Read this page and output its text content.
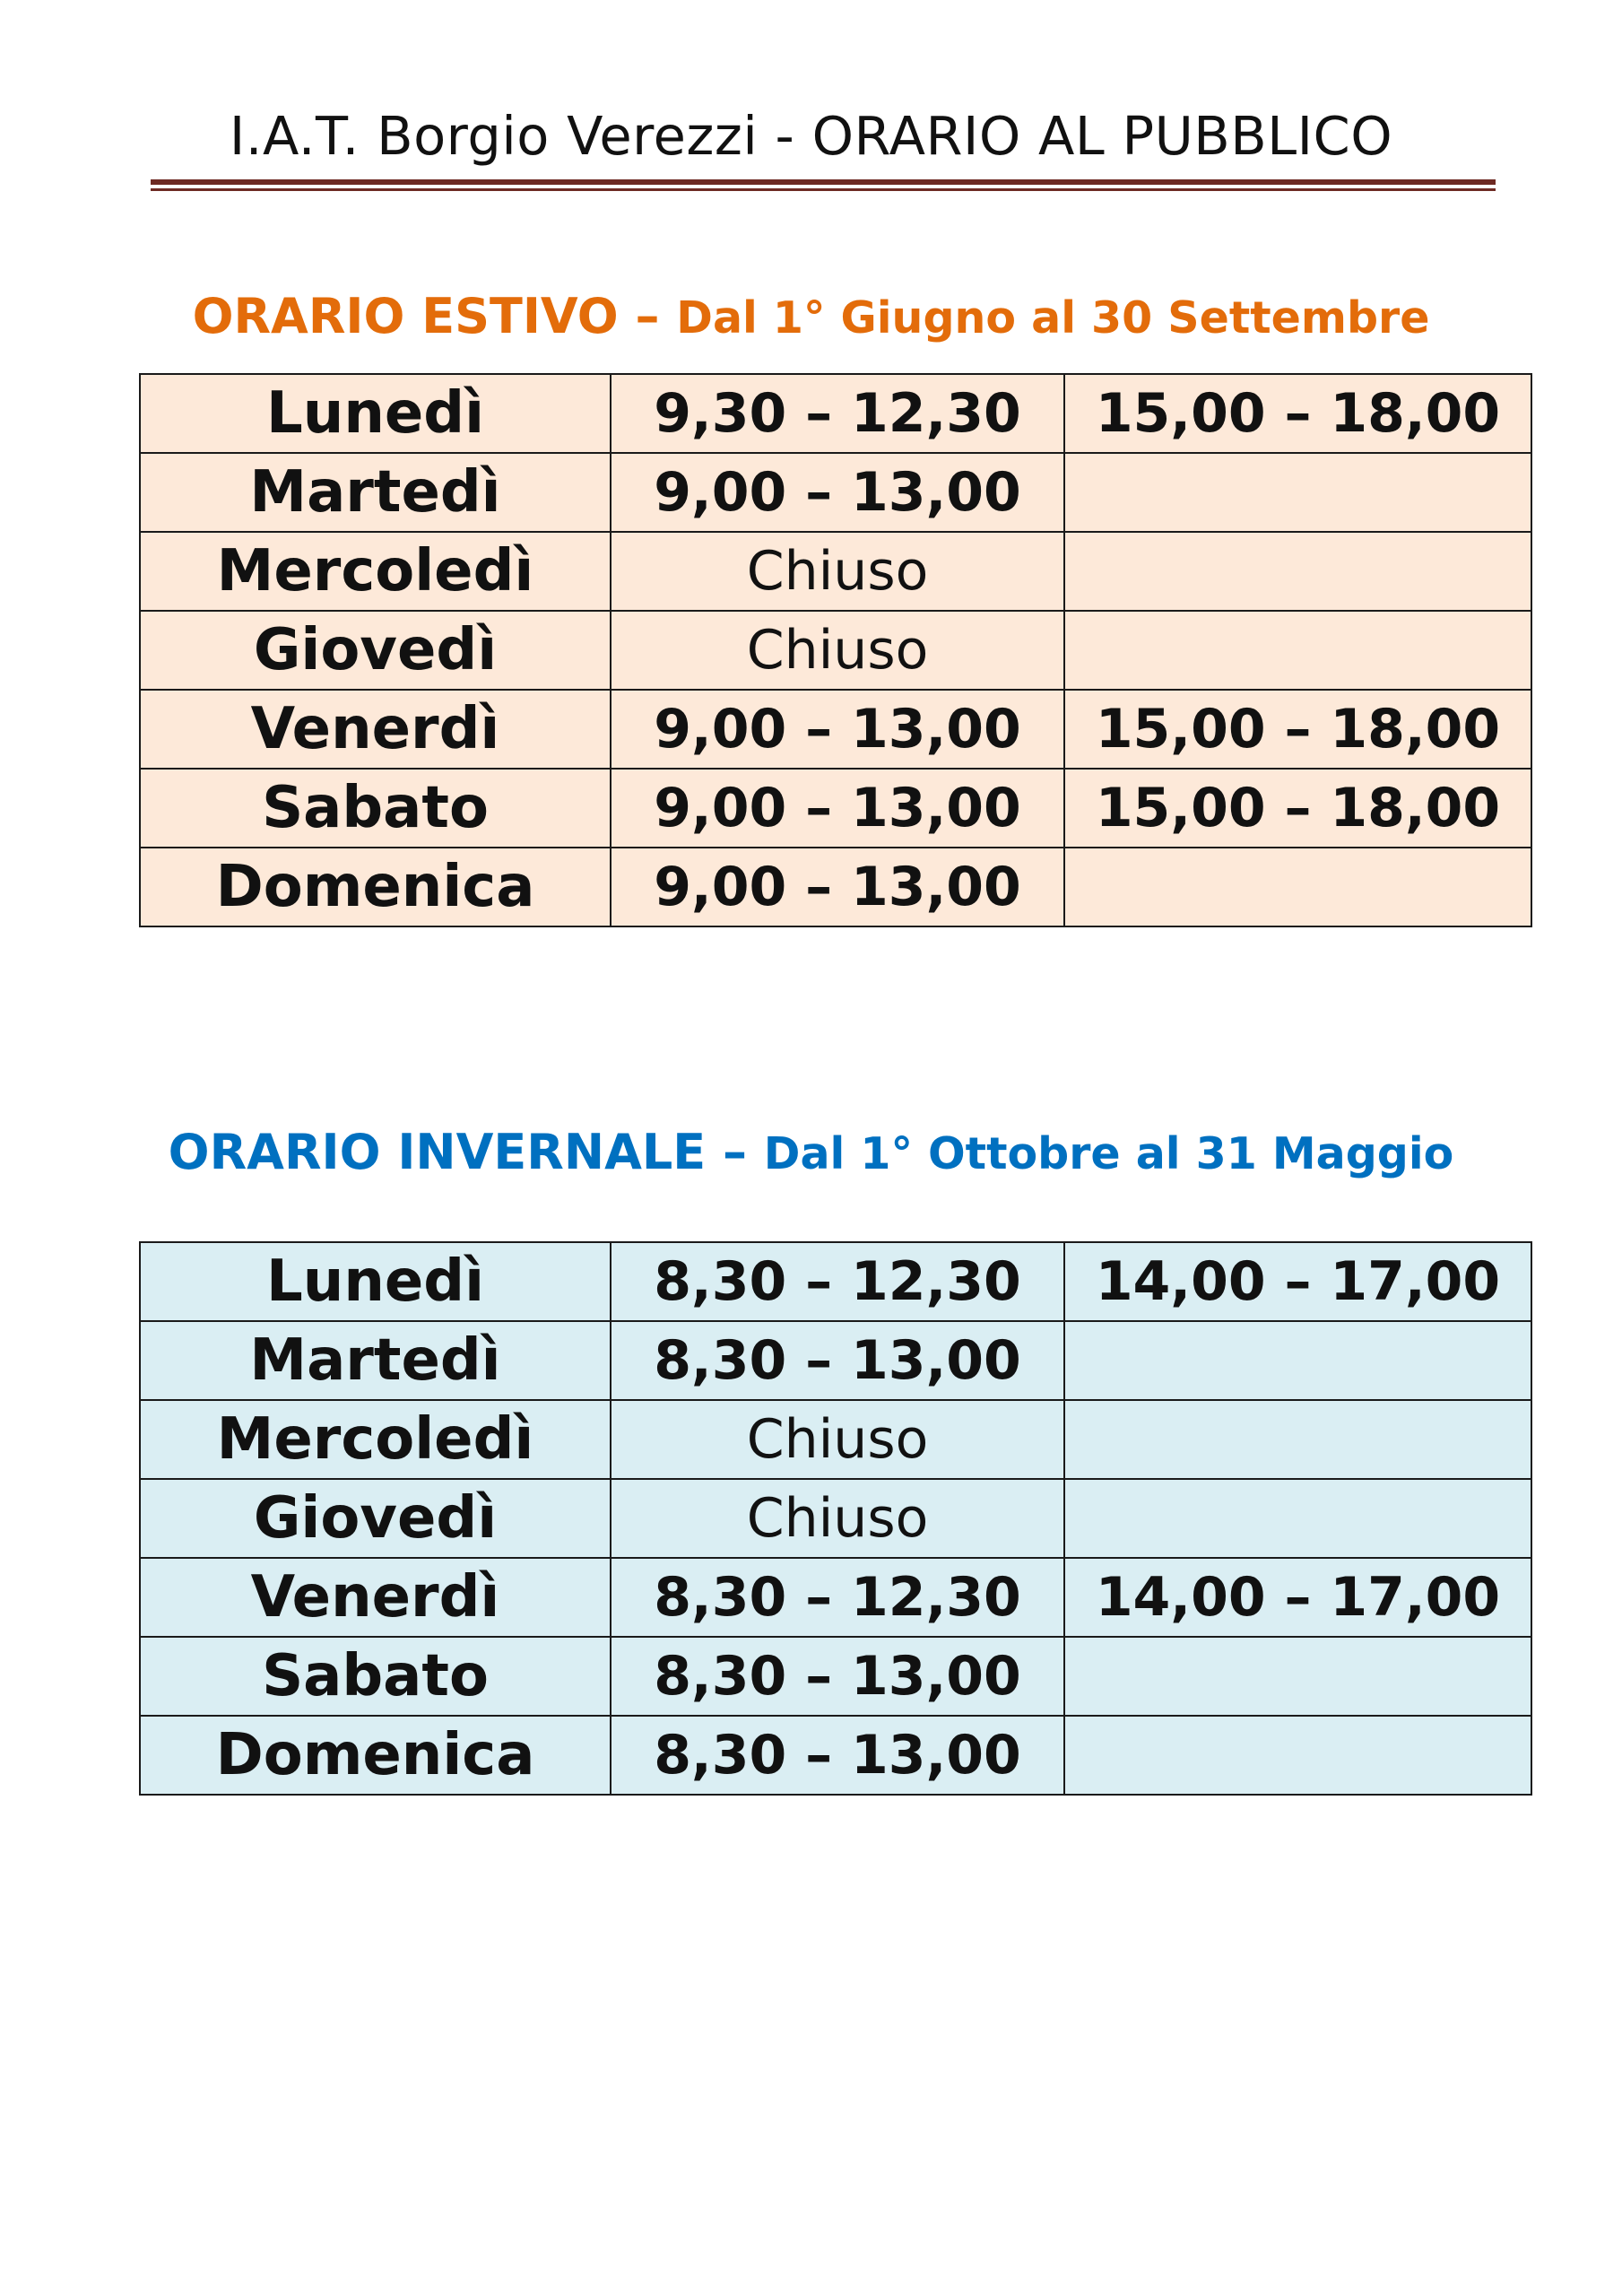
I.A.T. Borgio Verezzi - ORARIO AL PUBBLICO
ORARIO ESTIVO – Dal 1° Giugno al 30 Settembre
Lunedì	9,30 – 12,30	15,00 – 18,00
Martedì	9,00 – 13,00	
Mercoledì	Chiuso	
Giovedì	Chiuso	
Venerdì	9,00 – 13,00	15,00 – 18,00
Sabato	9,00 – 13,00	15,00 – 18,00
Domenica	9,00 – 13,00	
ORARIO INVERNALE – Dal 1° Ottobre al 31 Maggio
Lunedì	8,30 – 12,30	14,00 – 17,00
Martedì	8,30 – 13,00	
Mercoledì	Chiuso	
Giovedì	Chiuso	
Venerdì	8,30 – 12,30	14,00 – 17,00
Sabato	8,30 – 13,00	
Domenica	8,30 – 13,00	
